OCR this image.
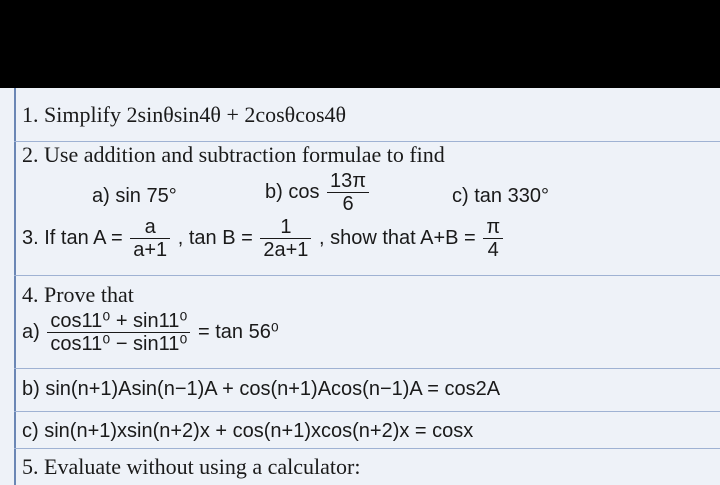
1. Simplify 2sinθsin4θ + 2cosθcos4θ
2. Use addition and subtraction formulae to find
a) sin 75°	b) $\cos \frac{13\pi}{6}$	c) tan 330°
3. If $\tan A = \frac{a}{a+1}$ , $\tan B = \frac{1}{2a+1}$ , show that $A+B = \frac{\pi}{4}$
4. Prove that
$a) \frac{\text{cos11⁰ + sin11⁰}}{\text{cos11⁰ − sin11⁰}} = \tan 56^0$
b) sin(n+1)Asin(n−1)A + cos(n+1)Acos(n−1)A = cos2A
c) sin(n+1)xsin(n+2)x + cos(n+1)xcos(n+2)x = cosx
5. Evaluate without using a calculator:
